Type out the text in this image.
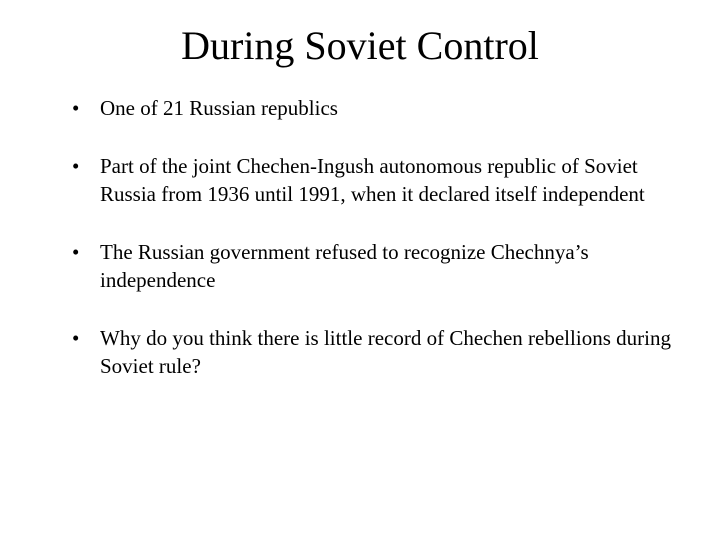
During Soviet Control
• One of 21 Russian republics
• Part of the joint Chechen-Ingush autonomous republic of Soviet Russia from 1936 until 1991, when it declared itself independent
• The Russian government refused to recognize Chechnya’s independence
• Why do you think there is little record of Chechen rebellions during Soviet rule?
